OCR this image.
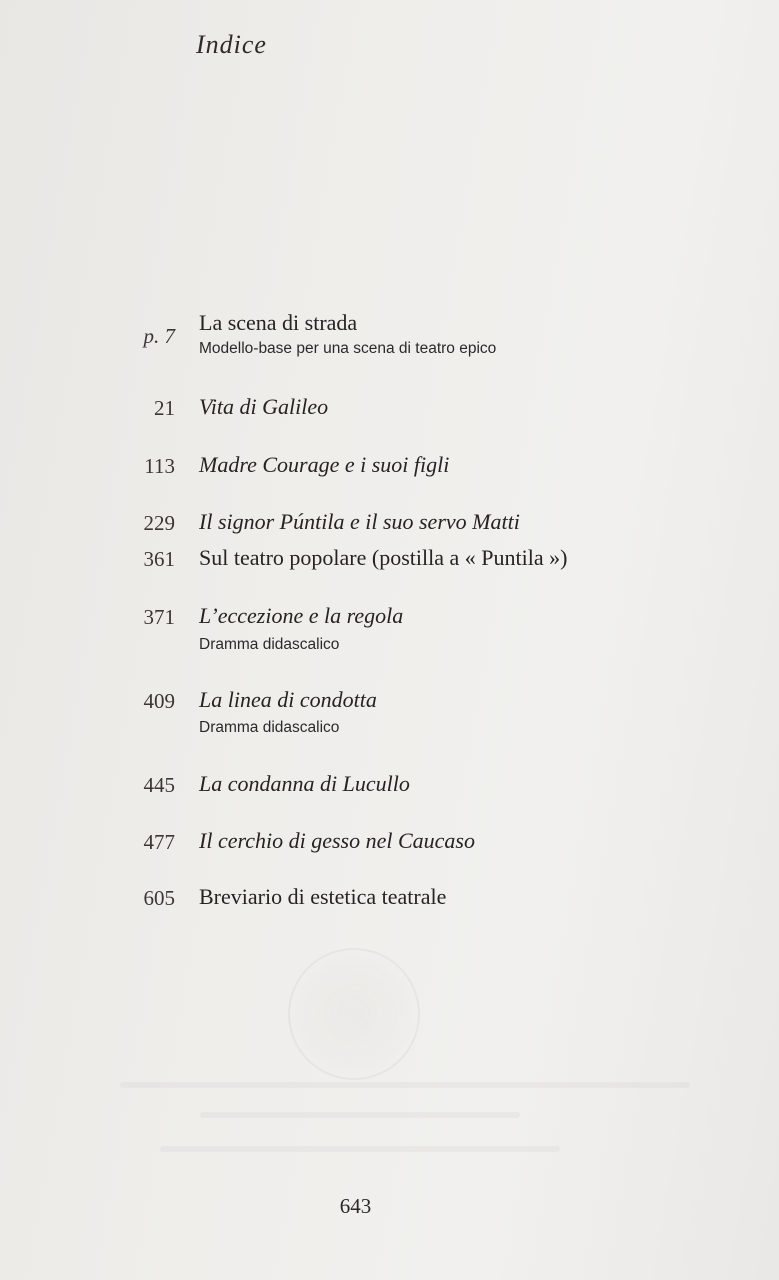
Indice
p. 7
La scena di strada
Modello-base per una scena di teatro epico
21 Vita di Galileo
113 Madre Courage e i suoi figli
229 Il signor Púntila e il suo servo Matti
361 Sul teatro popolare (postilla a « Puntila »)
371 L’eccezione e la regola
Dramma didascalico
409 La linea di condotta
Dramma didascalico
445 La condanna di Lucullo
477 Il cerchio di gesso nel Caucaso
605 Breviario di estetica teatrale
643
